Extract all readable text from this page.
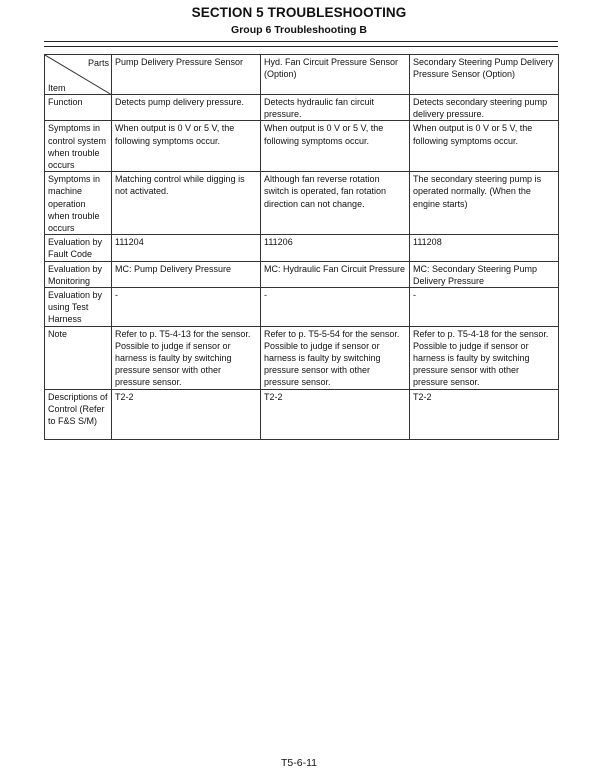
SECTION 5 TROUBLESHOOTING
Group 6 Troubleshooting B
Parts
Item	Pump Delivery Pressure Sensor	Hyd. Fan Circuit Pressure Sensor (Option)	Secondary Steering Pump Delivery Pressure Sensor (Option)
Function	Detects pump delivery pressure.	Detects hydraulic fan circuit pressure.	Detects secondary steering pump delivery pressure.
Symptoms in control system when trouble occurs	When output is 0 V or 5 V, the following symptoms occur.	When output is 0 V or 5 V, the following symptoms occur.	When output is 0 V or 5 V, the following symptoms occur.
Symptoms in machine operation when trouble occurs	Matching control while digging is not activated.	Although fan reverse rotation switch is operated, fan rotation direction can not change.	The secondary steering pump is operated normally. (When the engine starts)
Evaluation by Fault Code	111204	111206	111208
Evaluation by Monitoring	MC: Pump Delivery Pressure	MC: Hydraulic Fan Circuit Pressure	MC: Secondary Steering Pump Delivery Pressure
Evaluation by using Test Harness	-	-	-
Note	Refer to p. T5-4-13 for the sensor. Possible to judge if sensor or harness is faulty by switching pressure sensor with other pressure sensor.	Refer to p. T5-5-54 for the sensor. Possible to judge if sensor or harness is faulty by switching pressure sensor with other pressure sensor.	Refer to p. T5-4-18 for the sensor. Possible to judge if sensor or harness is faulty by switching pressure sensor with other pressure sensor.
Descriptions of Control (Refer to F&S S/M)	T2-2	T2-2	T2-2
T5-6-11
